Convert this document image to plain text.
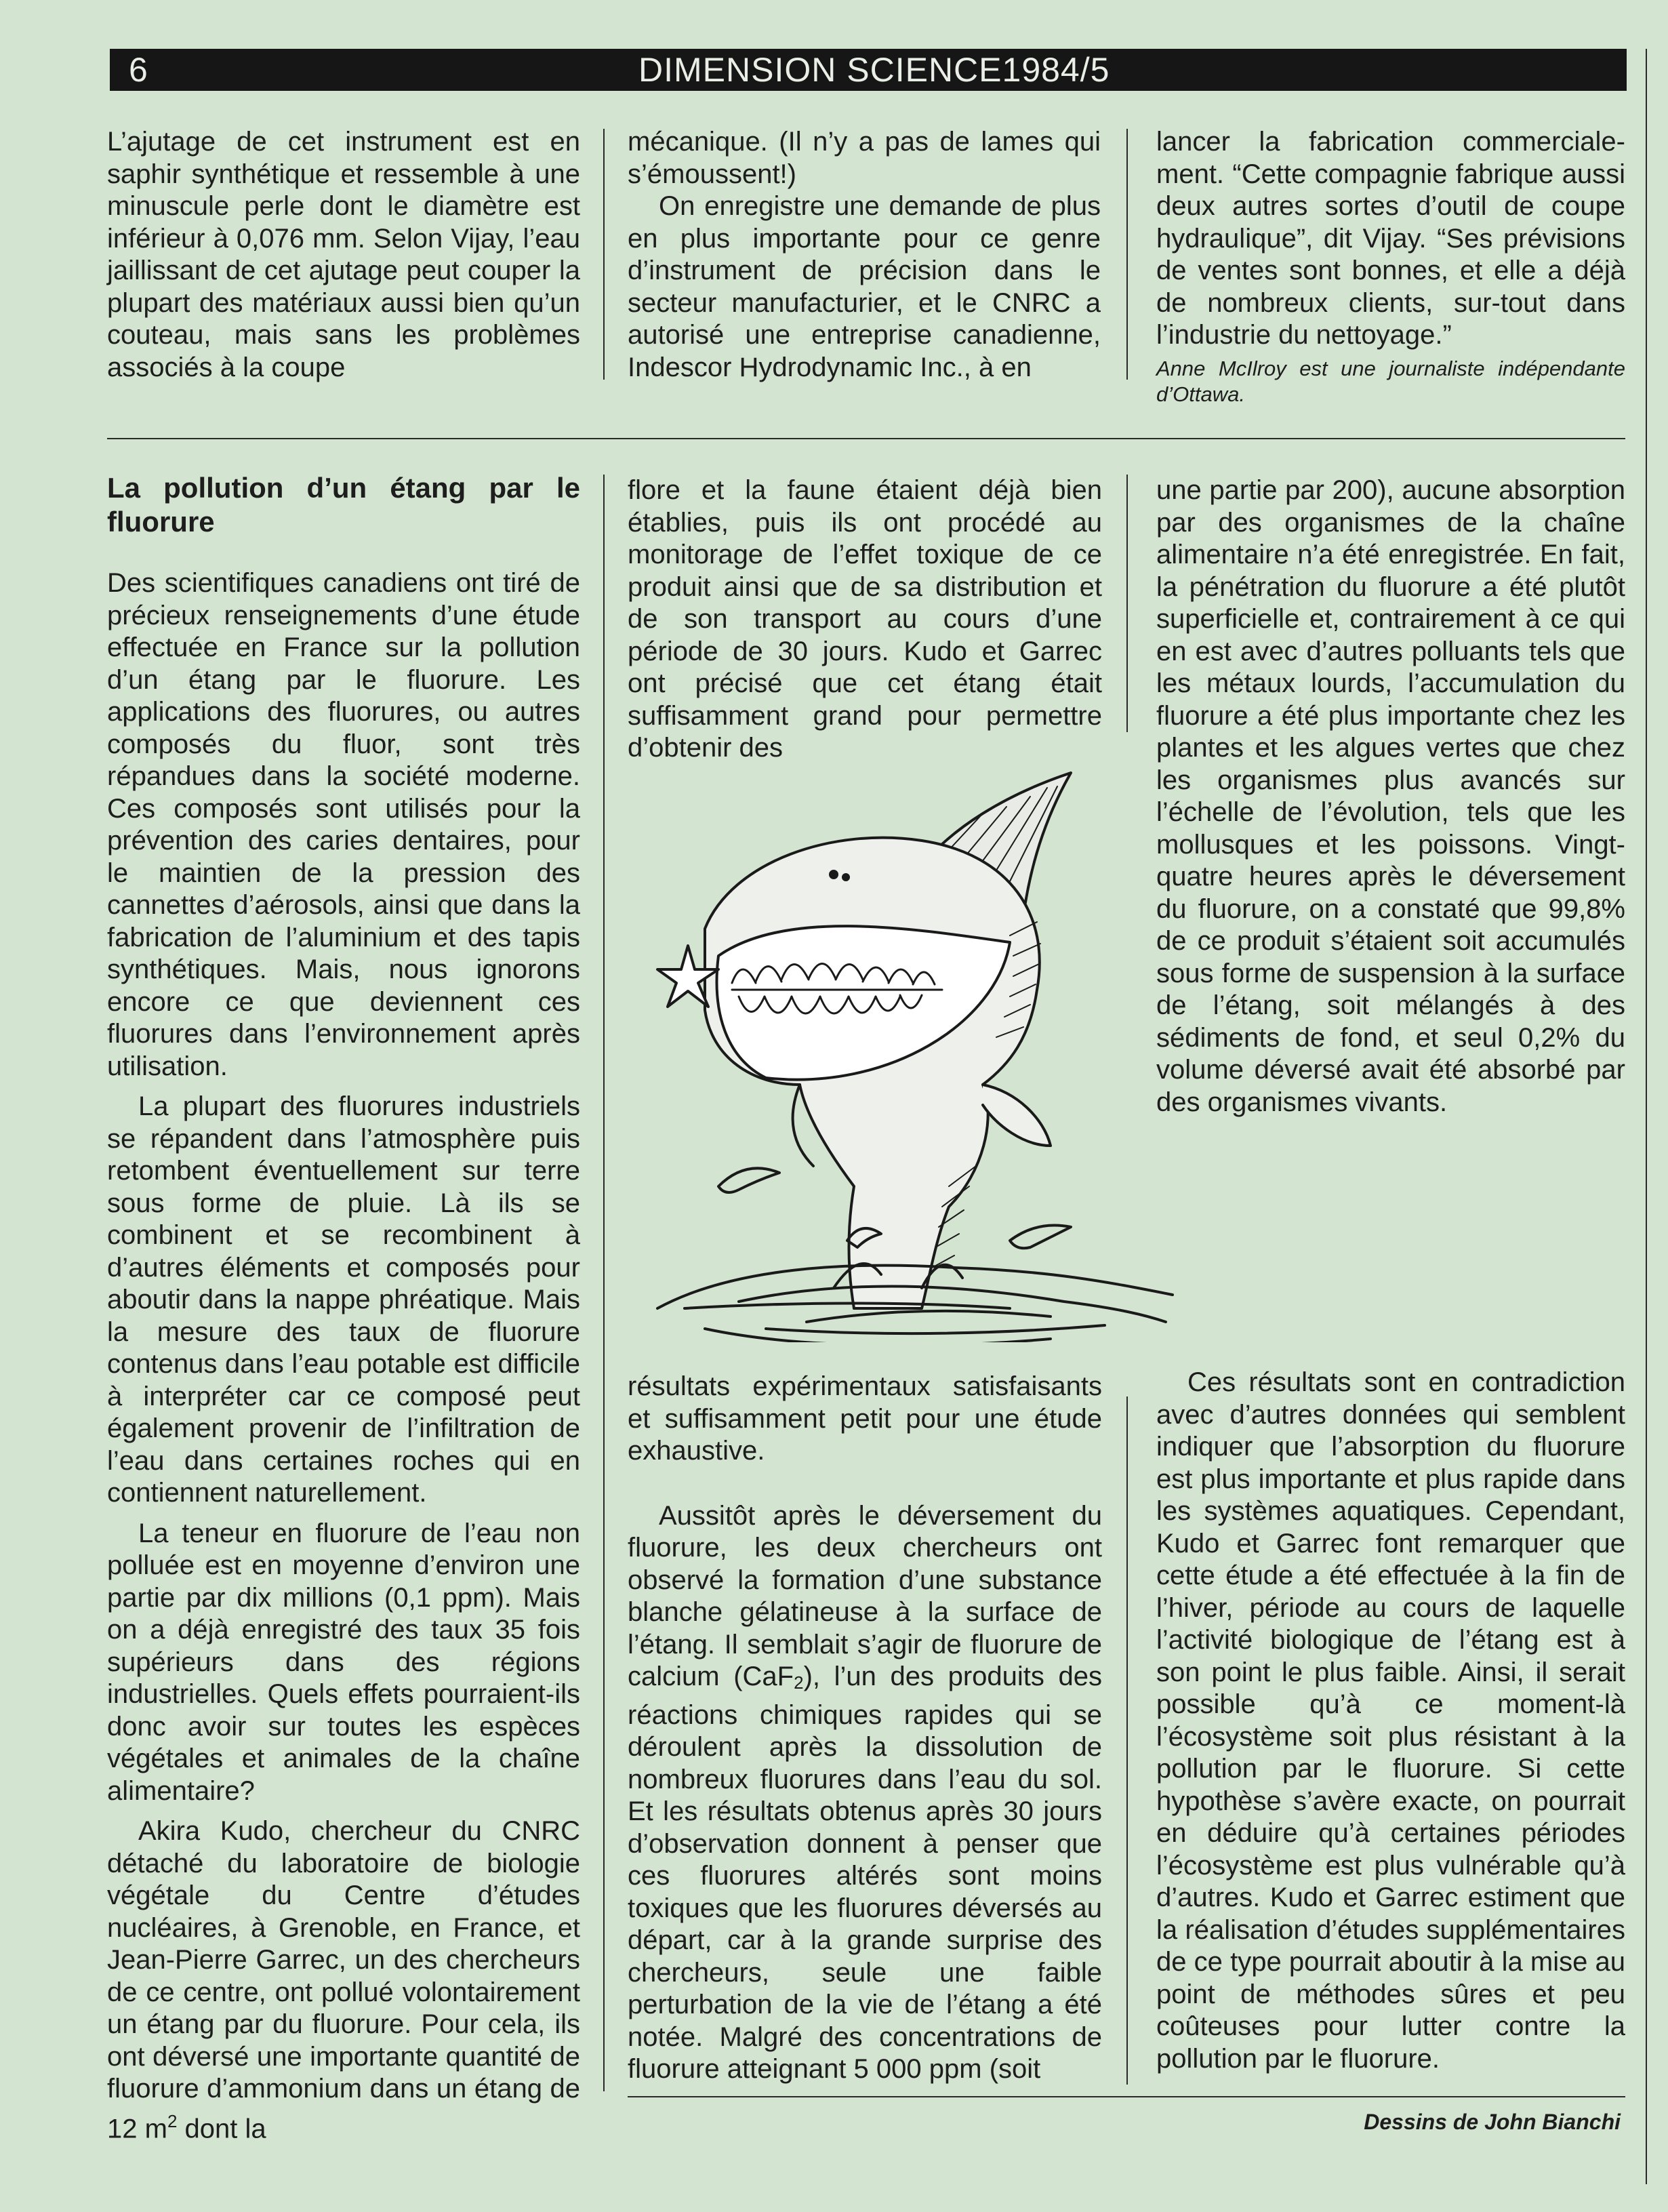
6	DIMENSION SCIENCE1984/5

L’ajutage de cet instrument est en saphir synthétique et ressemble à une minuscule perle dont le diamètre est inférieur à 0,076 mm. Selon Vijay, l’eau jaillissant de cet ajutage peut couper la plupart des matériaux aussi bien qu’un couteau, mais sans les problèmes associés à la coupe

mécanique. (Il n’y a pas de lames qui s’émoussent!)

On enregistre une demande de plus en plus importante pour ce genre d’instrument de précision dans le secteur manufacturier, et le CNRC a autorisé une entreprise canadienne, Indescor Hydrodynamic Inc., à en

lancer la fabrication commerciale-ment. “Cette compagnie fabrique aussi deux autres sortes d’outil de coupe hydraulique”, dit Vijay. “Ses prévisions de ventes sont bonnes, et elle a déjà de nombreux clients, sur-tout dans l’industrie du nettoyage.”

Anne McIlroy est une journaliste indépendante d’Ottawa.
La pollution d’un étang par le fluorure

Des scientifiques canadiens ont tiré de précieux renseignements d’une étude effectuée en France sur la pollution d’un étang par le fluorure. Les applications des fluorures, ou autres composés du fluor, sont très répandues dans la société moderne. Ces composés sont utilisés pour la prévention des caries dentaires, pour le maintien de la pression des cannettes d’aérosols, ainsi que dans la fabrication de l’aluminium et des tapis synthétiques. Mais, nous ignorons encore ce que deviennent ces fluorures dans l’environnement après utilisation.

La plupart des fluorures industriels se répandent dans l’atmosphère puis retombent éventuellement sur terre sous forme de pluie. Là ils se combinent et se recombinent à d’autres éléments et composés pour aboutir dans la nappe phréatique. Mais la mesure des taux de fluorure contenus dans l’eau potable est difficile à interpréter car ce composé peut également provenir de l’infiltration de l’eau dans certaines roches qui en contiennent naturellement.

La teneur en fluorure de l’eau non polluée est en moyenne d’environ une partie par dix millions (0,1 ppm). Mais on a déjà enregistré des taux 35 fois supérieurs dans des régions industrielles. Quels effets pourraient-ils donc avoir sur toutes les espèces végétales et animales de la chaîne alimentaire?

Akira Kudo, chercheur du CNRC détaché du laboratoire de biologie végétale du Centre d’études nucléaires, à Grenoble, en France, et Jean-Pierre Garrec, un des chercheurs de ce centre, ont pollué volontairement un étang par du fluorure. Pour cela, ils ont déversé une importante quantité de fluorure d’ammonium dans un étang de 12 $m^2$ dont la

flore et la faune étaient déjà bien établies, puis ils ont procédé au monitorage de l’effet toxique de ce produit ainsi que de sa distribution et de son transport au cours d’une période de 30 jours. Kudo et Garrec ont précisé que cet étang était suffisamment grand pour permettre d’obtenir des

une partie par 200), aucune absorption par des organismes de la chaîne alimentaire n’a été enregistrée. En fait, la pénétration du fluorure a été plutôt superficielle et, contrairement à ce qui en est avec d’autres polluants tels que les métaux lourds, l’accumulation du fluorure a été plus importante chez les plantes et les algues vertes que chez les organismes plus avancés sur l’échelle de l’évolution, tels que les mollusques et les poissons. Vingt-quatre heures après le déversement du fluorure, on a constaté que 99,8% de ce produit s’étaient soit accumulés sous forme de suspension à la surface de l’étang, soit mélangés à des sédiments de fond, et seul 0,2% du volume déversé avait été absorbé par des organismes vivants.

résultats expérimentaux satisfaisants et suffisamment petit pour une étude exhaustive.

Aussitôt après le déversement du fluorure, les deux chercheurs ont observé la formation d’une substance blanche gélatineuse à la surface de l’étang. Il semblait s’agir de fluorure de calcium (CaF$_2$), l’un des produits des réactions chimiques rapides qui se déroulent après la dissolution de nombreux fluorures dans l’eau du sol. Et les résultats obtenus après 30 jours d’observation donnent à penser que ces fluorures altérés sont moins toxiques que les fluorures déversés au départ, car à la grande surprise des chercheurs, seule une faible perturbation de la vie de l’étang a été notée. Malgré des concentrations de fluorure atteignant 5 000 ppm (soit

Ces résultats sont en contradiction avec d’autres données qui semblent indiquer que l’absorption du fluorure est plus importante et plus rapide dans les systèmes aquatiques. Cependant, Kudo et Garrec font remarquer que cette étude a été effectuée à la fin de l’hiver, période au cours de laquelle l’activité biologique de l’étang est à son point le plus faible. Ainsi, il serait possible qu’à ce moment-là l’écosystème soit plus résistant à la pollution par le fluorure. Si cette hypothèse s’avère exacte, on pourrait en déduire qu’à certaines périodes l’écosystème est plus vulnérable qu’à d’autres. Kudo et Garrec estiment que la réalisation d’études supplémentaires de ce type pourrait aboutir à la mise au point de méthodes sûres et peu coûteuses pour lutter contre la pollution par le fluorure.

Dessins de John Bianchi
